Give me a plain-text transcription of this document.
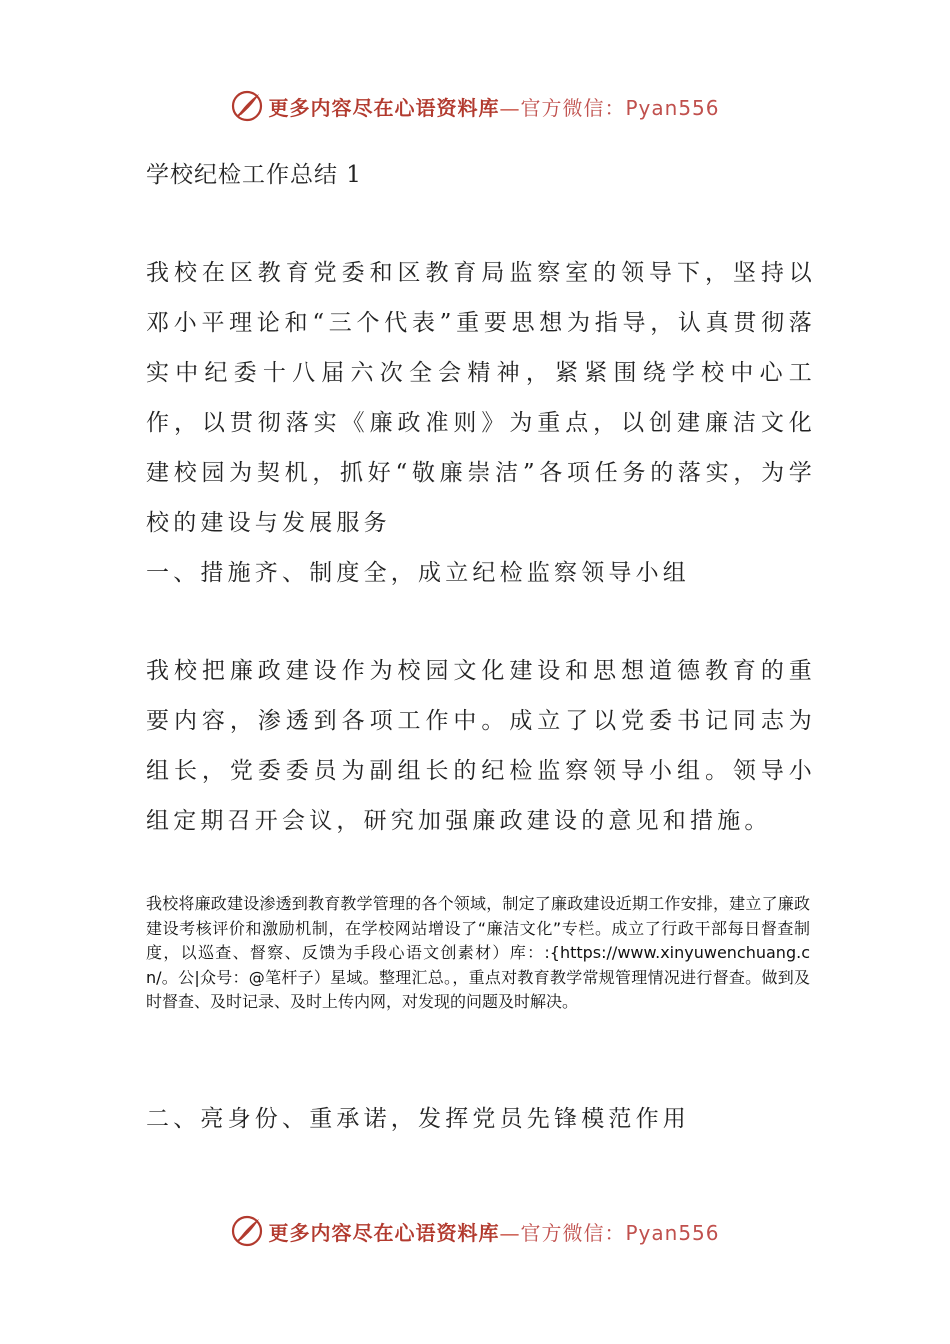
更多内容尽在心语资料库—官方微信：Pyan556
学校纪检工作总结 1
我校在区教育党委和区教育局监察室的领导下，坚持以邓小平理论和“三个代表”重要思想为指导，认真贯彻落实中纪委十八届六次全会精神，紧紧围绕学校中心工作，以贯彻落实《廉政准则》为重点，以创建廉洁文化建校园为契机，抓好“敬廉崇洁”各项任务的落实，为学校的建设与发展服务
一、措施齐、制度全，成立纪检监察领导小组
我校把廉政建设作为校园文化建设和思想道德教育的重要内容，渗透到各项工作中。成立了以党委书记同志为组长，党委委员为副组长的纪检监察领导小组。领导小组定期召开会议，研究加强廉政建设的意见和措施。
我校将廉政建设渗透到教育教学管理的各个领域，制定了廉政建设近期工作安排，建立了廉政建设考核评价和激励机制，在学校网站增设了“廉洁文化”专栏。成立了行政干部每日督查制度，以巡查、督察、反馈为手段心语文创素材）库：:{https://www.xinyuwenchuang.cn/。公|众号：@笔杆子）星域。整理汇总。，重点对教育教学常规管理情况进行督查。做到及时督查、及时记录、及时上传内网，对发现的问题及时解决。
二、亮身份、重承诺，发挥党员先锋模范作用
更多内容尽在心语资料库—官方微信：Pyan556
